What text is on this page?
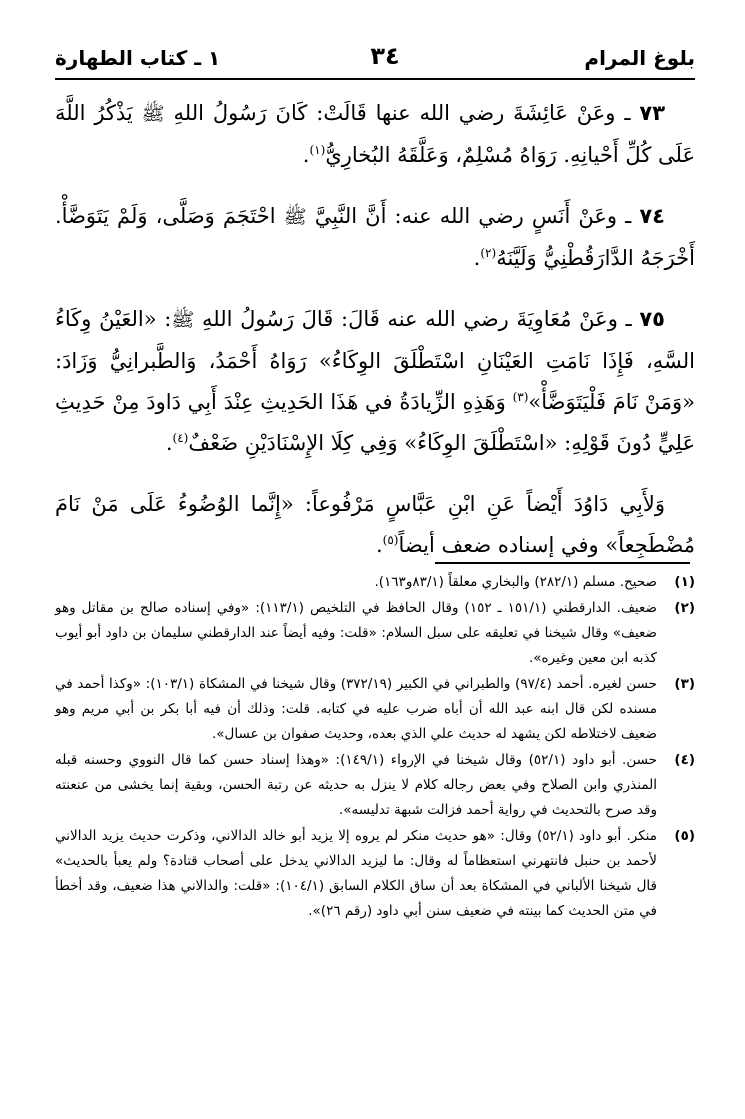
بلوغ المرام
٣٤
١ ـ كتاب الطهارة

٧٣ ـ وعَنْ عَائِشَةَ رضي الله عنها قَالَتْ: كَانَ رَسُولُ اللهِ ﷺ يَذْكُرُ اللَّهَ عَلَى كُلِّ أَحْيانِهِ. رَوَاهُ مُسْلِمٌ، وَعَلَّقَهُ البُخارِيُّ$^{(١)}$.

٧٤ ـ وعَنْ أَنَسٍ رضي الله عنه: أَنَّ النَّبِيَّ ﷺ احْتَجَمَ وَصَلَّى، وَلَمْ يَتَوَضَّأْ. أَخْرَجَهُ الدَّارَقُطْنِيُّ وَلَيَّنَهُ$^{(٢)}$.

٧٥ ـ وعَنْ مُعَاوِيَةَ رضي الله عنه قَالَ: قَالَ رَسُولُ اللهِ ﷺ: «العَيْنُ وِكَاءُ السَّهِ، فَإِذَا نَامَتِ العَيْنَانِ اسْتَطْلَقَ الوِكَاءُ» رَوَاهُ أَحْمَدُ، وَالطَّبرانِيُّ وَزَادَ: «وَمَنْ نَامَ فَلْيَتَوَضَّأْ»$^{(٣)}$ وَهَذِهِ الزِّيادَةُ في هَذَا الحَدِيثِ عِنْدَ أَبِي دَاودَ مِنْ حَدِيثِ عَلِيٍّ دُونَ قَوْلِهِ: «اسْتَطْلَقَ الوِكَاءُ» وَفِي كِلَا الإِسْنَادَيْنِ ضَعْفٌ$^{(٤)}$.

وَلأَبِي دَاوُدَ أَيْضاً عَنِ ابْنِ عَبَّاسٍ مَرْفُوعاً: «إِنَّما الوُضُوءُ عَلَى مَنْ نَامَ مُضْطَجِعاً» وفي إسناده ضعف أيضاً$^{(٥)}$.

(١)

صحيح. مسلم (٢٨٢/١) والبخاري معلقاً (٨٣/١و١٦٣).

(٢)

ضعيف. الدارقطني (١٥١/١ ـ ١٥٢) وقال الحافظ في التلخيص (١١٣/١): «وفي إسناده صالح بن مقاتل وهو ضعيف» وقال شيخنا في تعليقه على سبل السلام: «قلت: وفيه أيضاً عند الدارقطني سليمان بن داود أبو أيوب كذبه ابن معين وغيره».

(٣)

حسن لغيره. أحمد (٩٧/٤) والطبراني في الكبير (٣٧٢/١٩) وقال شيخنا في المشكاة (١٠٣/١): «وكذا أحمد في مسنده لكن قال ابنه عبد الله أن أباه ضرب عليه في كتابه. قلت: وذلك أن فيه أبا بكر بن أبي مريم وهو ضعيف لاختلاطه لكن يشهد له حديث علي الذي بعده، وحديث صفوان بن عسال».

(٤)

حسن. أبو داود (٥٢/١) وقال شيخنا في الإرواء (١٤٩/١): «وهذا إسناد حسن كما قال النووي وحسنه قبله المنذري وابن الصلاح وفي بعض رجاله كلام لا ينزل به حديثه عن رتبة الحسن، وبقية إنما يخشى من عنعنته وقد صرح بالتحديث في رواية أحمد فزالت شبهة تدليسه».

(٥)

منكر. أبو داود (٥٢/١) وقال: «هو حديث منكر لم يروه إلا يزيد أبو خالد الدالاني، وذكرت حديث يزيد الدالاني لأحمد بن حنبل فانتهرني استعظاماً له وقال: ما ليزيد الدالاني يدخل على أصحاب قتادة؟ ولم يعبأ بالحديث» قال شيخنا الألباني في المشكاة بعد أن ساق الكلام السابق (١٠٤/١): «قلت: والدالاني هذا ضعيف، وقد أخطأ في متن الحديث كما بينته في ضعيف سنن أبي داود (رقم ٢٦)».
